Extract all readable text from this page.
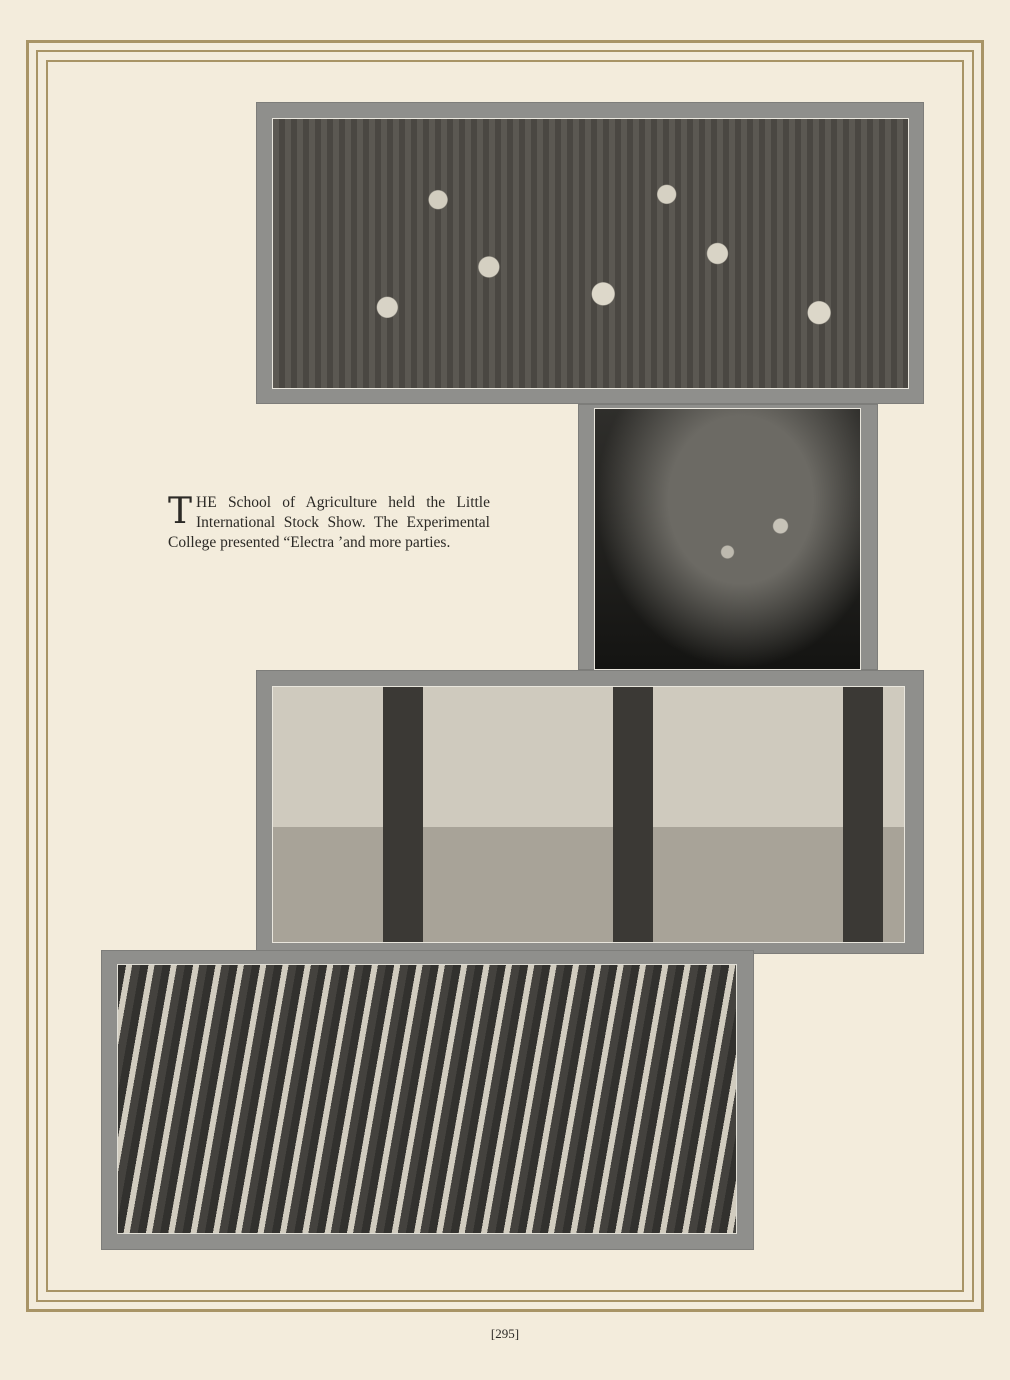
THE School of Agriculture held the Little International Stock Show. The Experimental College presented “Electra ’and more parties.
[295]
